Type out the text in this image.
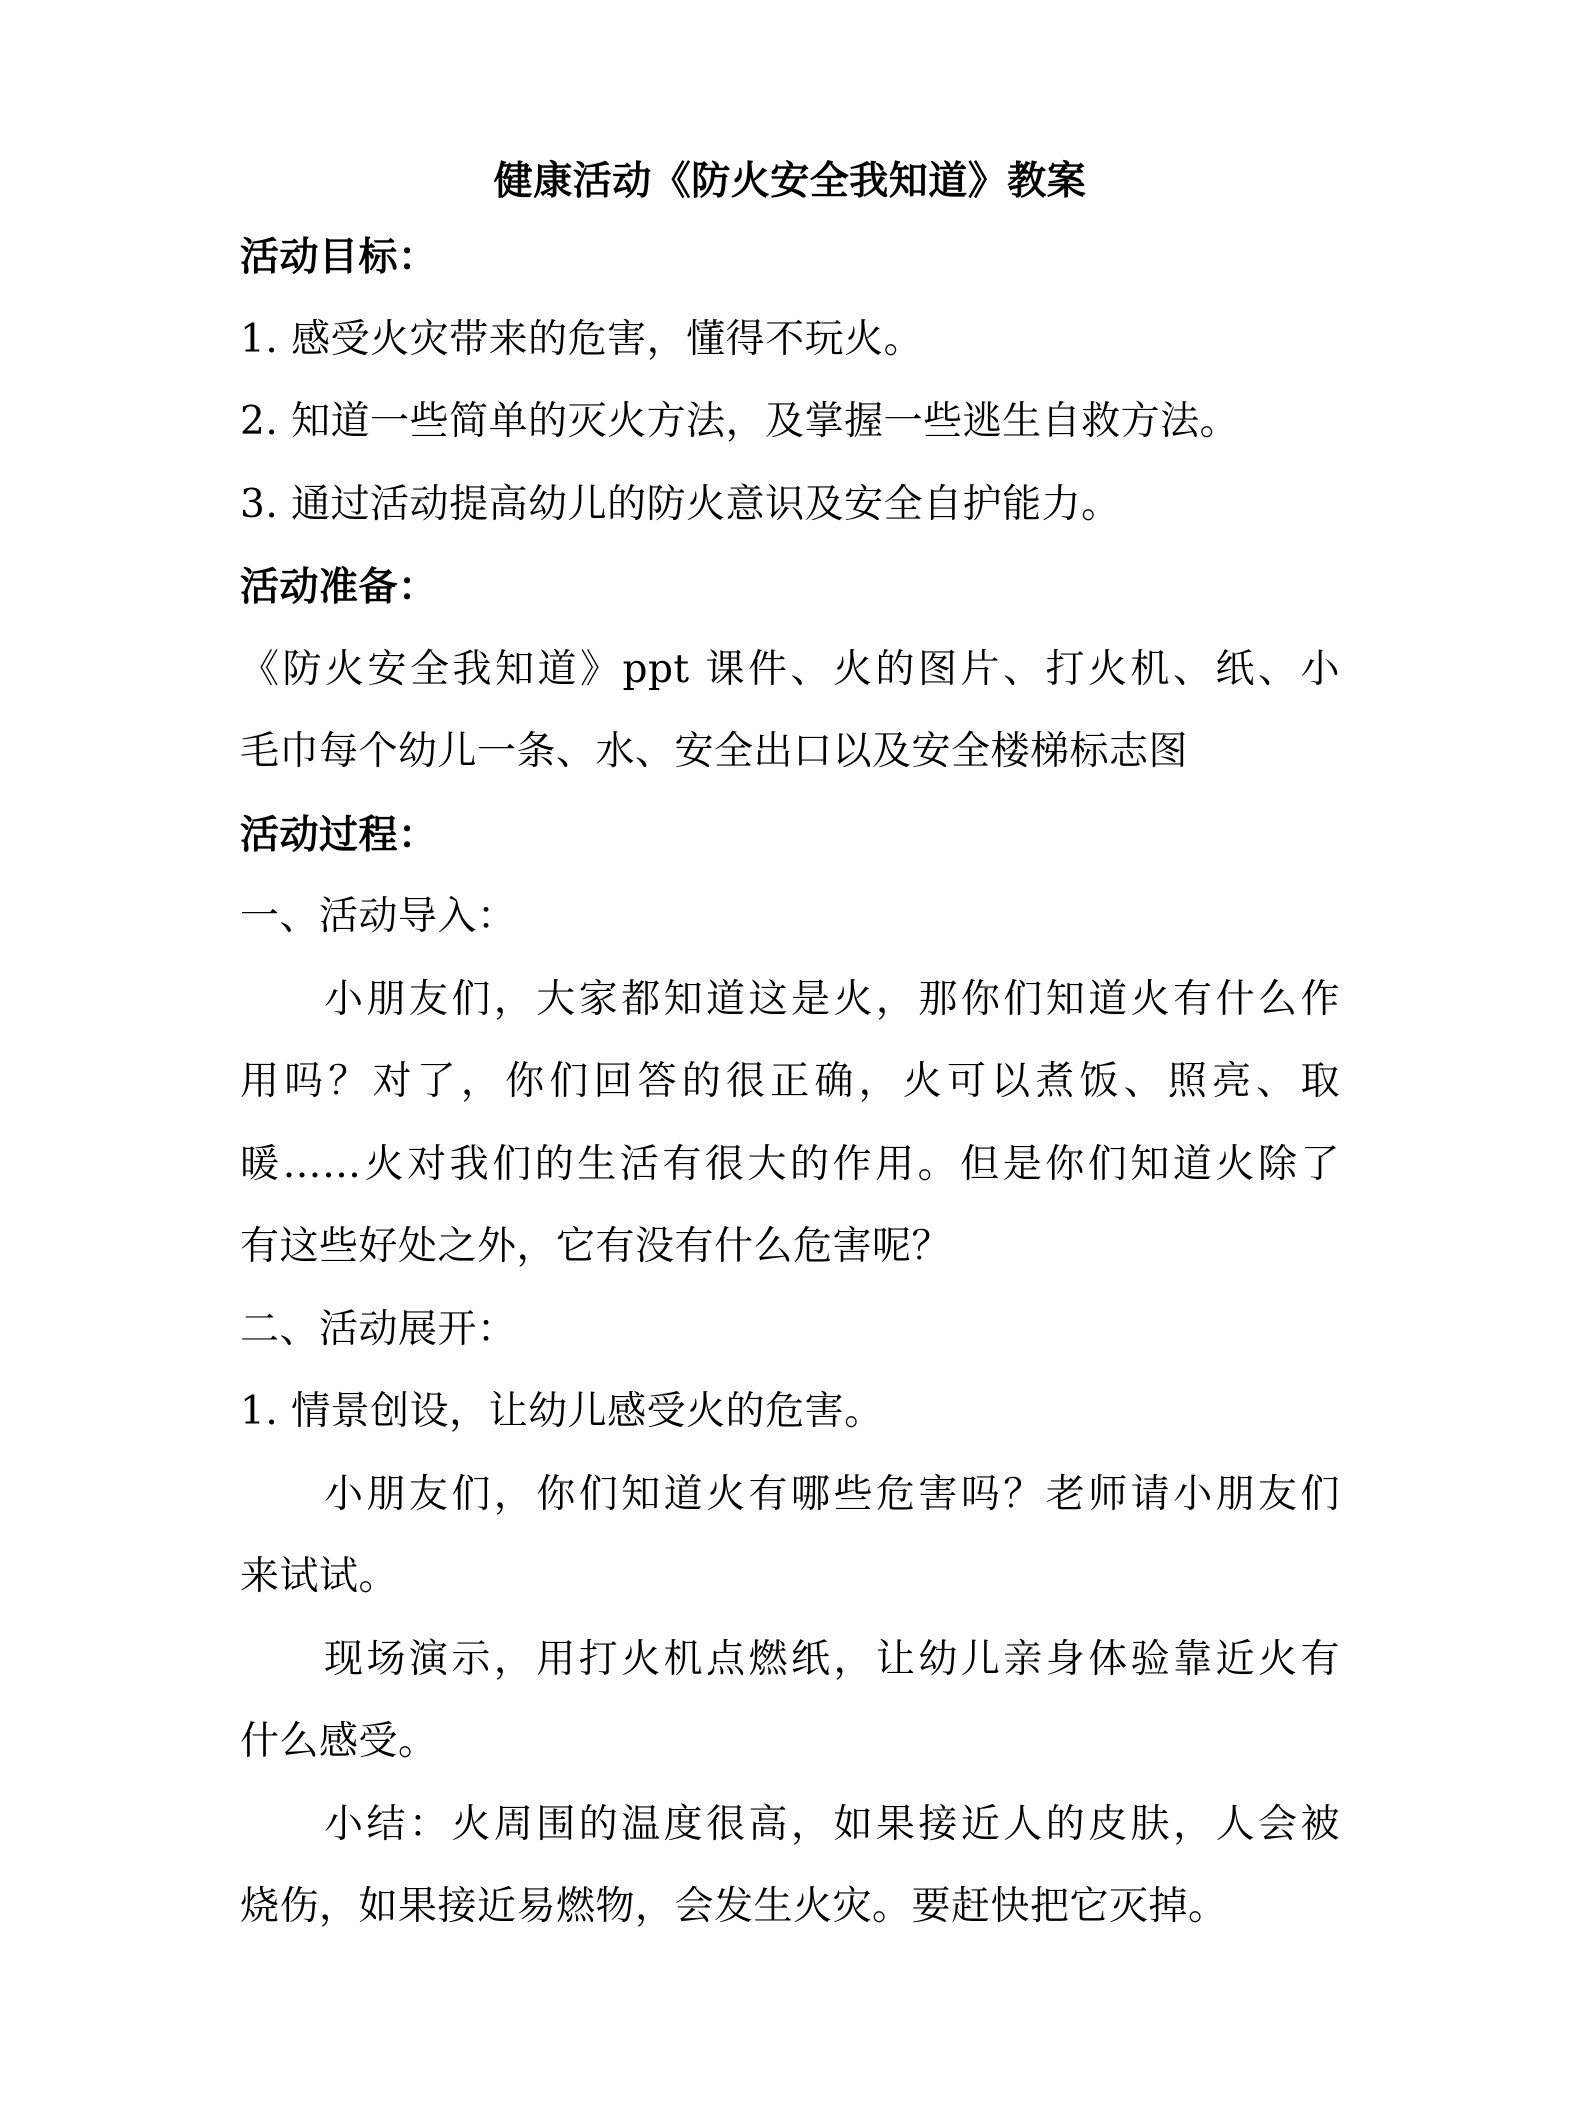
健康活动《防火安全我知道》教案
活动目标：
1. 感受火灾带来的危害，懂得不玩火。
2. 知道一些简单的灭火方法，及掌握一些逃生自救方法。
3. 通过活动提高幼儿的防火意识及安全自护能力。
活动准备：
《防火安全我知道》ppt 课件、火的图片、打火机、纸、小
毛巾每个幼儿一条、水、安全出口以及安全楼梯标志图
活动过程：
一、活动导入：
小朋友们，大家都知道这是火，那你们知道火有什么作
用吗？对了，你们回答的很正确，火可以煮饭、照亮、取
暖……火对我们的生活有很大的作用。但是你们知道火除了
有这些好处之外，它有没有什么危害呢？
二、活动展开：
1. 情景创设，让幼儿感受火的危害。
小朋友们，你们知道火有哪些危害吗？老师请小朋友们
来试试。
现场演示，用打火机点燃纸，让幼儿亲身体验靠近火有
什么感受。
小结：火周围的温度很高，如果接近人的皮肤，人会被
烧伤，如果接近易燃物，会发生火灾。要赶快把它灭掉。
